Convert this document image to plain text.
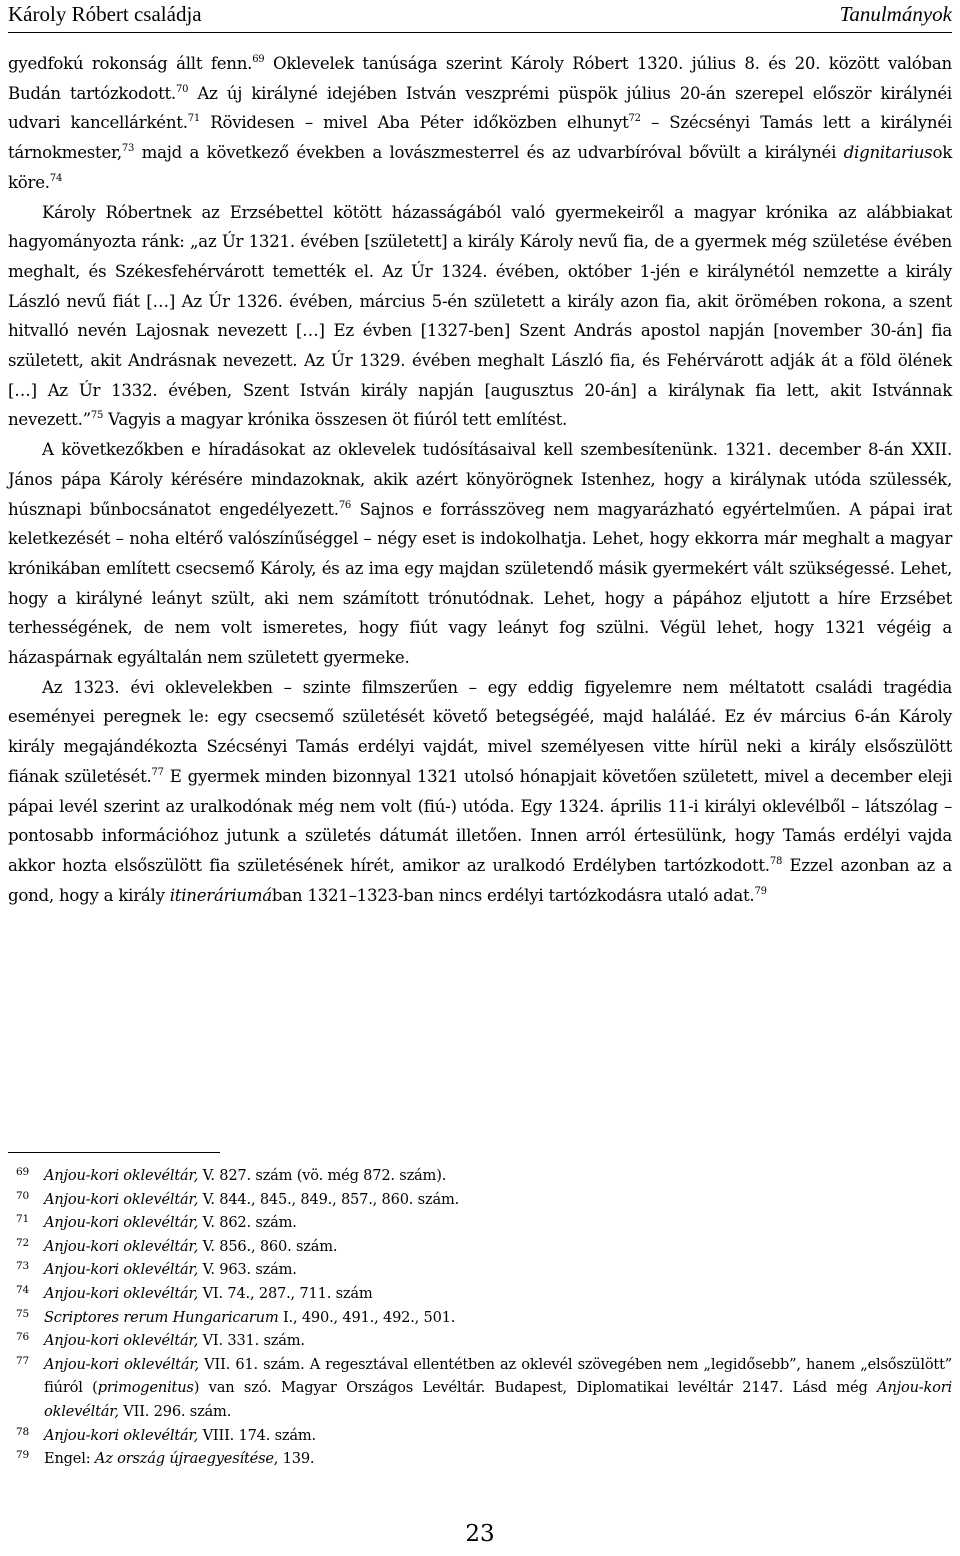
Károly Róbert családja	Tanulmányok

gyedfokú rokonság állt fenn.$^{69}$ Oklevelek tanúsága szerint Károly Róbert 1320. július 8. és 20. között valóban Budán tartózkodott.$^{70}$ Az új királyné idejében István veszprémi püspök július 20-án szerepel először királynéi udvari kancellárként.$^{71}$ Rövidesen – mivel Aba Péter időközben elhunyt$^{72}$ – Szécsényi Tamás lett a királynéi tárnokmester,$^{73}$ majd a következő években a lovászmesterrel és az udvarbíróval bővült a királynéi dignitariusok köre.$^{74}$

Károly Róbertnek az Erzsébettel kötött házasságából való gyermekeiről a magyar krónika az alábbiakat hagyományozta ránk: „az Úr 1321. évében [született] a király Károly nevű fia, de a gyermek még születése évében meghalt, és Székesfehérvárott temették el. Az Úr 1324. évében, október 1-jén e királynétól nemzette a király László nevű fiát […] Az Úr 1326. évében, március 5-én született a király azon fia, akit örömében rokona, a szent hitvalló nevén Lajosnak nevezett […] Ez évben [1327-ben] Szent András apostol napján [november 30-án] fia született, akit Andrásnak nevezett. Az Úr 1329. évében meghalt László fia, és Fehérvárott adják át a föld ölének […] Az Úr 1332. évében, Szent István király napján [augusztus 20-án] a királynak fia lett, akit Istvánnak nevezett.”$^{75}$ Vagyis a magyar krónika összesen öt fiúról tett említést.

A következőkben e híradásokat az oklevelek tudósításaival kell szembesítenünk. 1321. december 8-án XXII. János pápa Károly kérésére mindazoknak, akik azért könyörögnek Istenhez, hogy a királynak utóda szülessék, húsznapi bűnbocsánatot engedélyezett.$^{76}$ Sajnos e forrásszöveg nem magyarázható egyértelműen. A pápai irat keletkezését – noha eltérő valószínűséggel – négy eset is indokolhatja. Lehet, hogy ekkorra már meghalt a magyar krónikában említett csecsemő Károly, és az ima egy majdan születendő másik gyermekért vált szükségessé. Lehet, hogy a királyné leányt szült, aki nem számított trónutódnak. Lehet, hogy a pápához eljutott a híre Erzsébet terhességének, de nem volt ismeretes, hogy fiút vagy leányt fog szülni. Végül lehet, hogy 1321 végéig a házaspárnak egyáltalán nem született gyermeke.

Az 1323. évi oklevelekben – szinte filmszerűen – egy eddig figyelemre nem méltatott családi tragédia eseményei peregnek le: egy csecsemő születését követő betegségéé, majd haláláé. Ez év március 6-án Károly király megajándékozta Szécsényi Tamás erdélyi vajdát, mivel személyesen vitte hírül neki a király elsőszülött fiának születését.$^{77}$ E gyermek minden bizonnyal 1321 utolsó hónapjait követően született, mivel a december eleji pápai levél szerint az uralkodónak még nem volt (fiú-) utóda. Egy 1324. április 11-i királyi oklevélből – látszólag – pontosabb információhoz jutunk a születés dátumát illetően. Innen arról értesülünk, hogy Tamás erdélyi vajda akkor hozta elsőszülött fia születésének hírét, amikor az uralkodó Erdélyben tartózkodott.$^{78}$ Ezzel azonban az a gond, hogy a király itineráriumában 1321–1323-ban nincs erdélyi tartózkodásra utaló adat.$^{79}$

69 Anjou-kori oklevéltár, V. 827. szám (vö. még 872. szám).
70 Anjou-kori oklevéltár, V. 844., 845., 849., 857., 860. szám.
71 Anjou-kori oklevéltár, V. 862. szám.
72 Anjou-kori oklevéltár, V. 856., 860. szám.
73 Anjou-kori oklevéltár, V. 963. szám.
74 Anjou-kori oklevéltár, VI. 74., 287., 711. szám
75 Scriptores rerum Hungaricarum I., 490., 491., 492., 501.
76 Anjou-kori oklevéltár, VI. 331. szám.
77 Anjou-kori oklevéltár, VII. 61. szám. A regesztával ellentétben az oklevél szövegében nem „legidősebb”, hanem „elsőszülött” fiúról (primogenitus) van szó. Magyar Országos Levéltár. Budapest, Diplomatikai levéltár 2147. Lásd még Anjou-kori oklevéltár, VII. 296. szám.
78 Anjou-kori oklevéltár, VIII. 174. szám.
79 Engel: Az ország újraegyesítése, 139.
23
